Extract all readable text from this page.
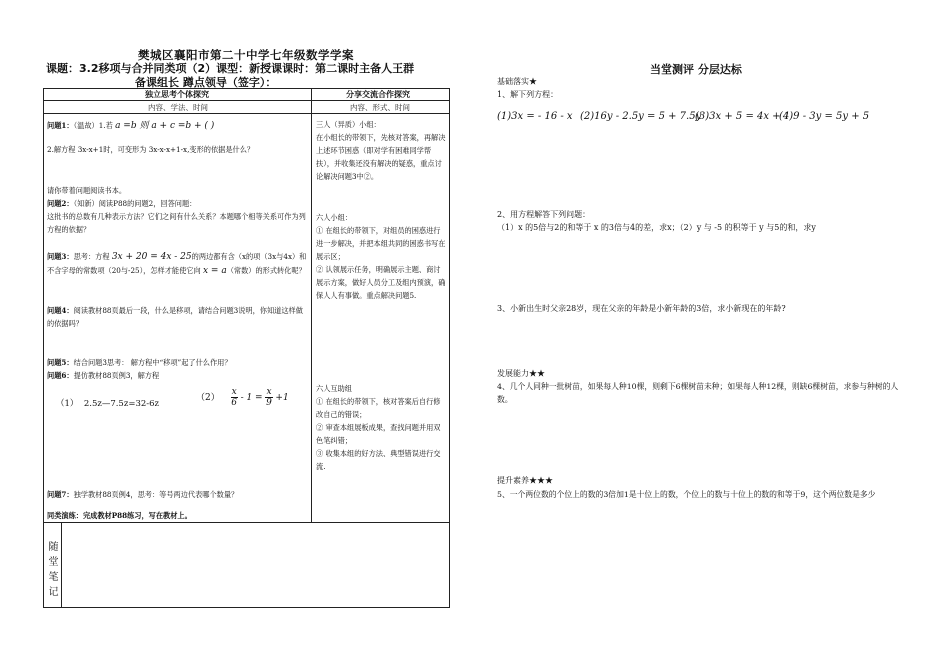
樊城区襄阳市第二十中学七年级数学学案
课题：3.2移项与合并同类项（2）课型：新授课课时：第二课时主备人王群
备课组长 蹲点领导（签字）：
独立思考个体探究
内容、学法、时间
分享交流合作探究
内容、形式、时间
问题1：（温故）1.若 a =b 则 a + c =b + ( )
2.解方程 3x-x+1时，可变形为 3x-x-x+1-x,变形的依据是什么？
请你带着问题阅读书本。
问题2：（知新）阅读P88的问题2，回答问题：
这批书的总数有几种表示方法？它们之间有什么关系？本题哪个相等关系可作为列方程的依据？
问题3：思考：方程 3x + 20 = 4x - 25的两边都有含（x的项（3x与4x）和不含字母的常数项（20与-25），怎样才能使它向 x = a（常数）的形式转化呢？
问题4：阅读教材88页最后一段，什么是移项，请结合问题3说明，你知道这样做的依据吗？
问题5：结合问题3思考： 解方程中“移项”起了什么作用？
问题6：提仿教材88页例3，解方程
（1） 2.5z—7.5z=32-6z
$(2) \frac{x}{6} - 1 = \frac{x}{9} +1$
问题7：独学教材88页例4，思考：等号两边代表哪个数量？
同类演练：完成教材P88练习，写在教材上。
随堂笔记
三人（异质）小组：
在小组长的带领下，先核对答案，再解决上述环节困惑（即对学有困难同学帮扶），并收集还没有解决的疑惑，重点讨论解决问题3中②。
六人小组：
① 在组长的带领下，对组员的困惑进行进一步解决，并把本组共同的困惑书写在展示区；
② 认领展示任务，明确展示主题、商讨展示方案，做好人员分工及组内预演，确保人人有事做。重点解决问题5.
六人互助组
① 在组长的带领下，核对答案后自行修改自己的错误；
② 审查本组展板成果，查找问题并用双色笔纠错；
③ 收集本组的好方法、典型错误进行交流.
当堂测评 分层达标
基础落实★
1、解下列方程：
(1)3x = - 16 - x (2)16y - 2.5y = 5 + 7.5y
(3)3x + 5 = 4x + 1
(4)9 - 3y = 5y + 5
2、用方程解答下列问题：
（1）x 的5倍与2的和等于 x 的3倍与4的差，求x；（2）y 与 -5 的积等于 y 与5的和，求y
3、小新出生时父亲28岁，现在父亲的年龄是小新年龄的3倍，求小新现在的年龄?
发展能力★★
4、几个人同种一批树苗，如果每人种10棵，则剩下6棵树苗未种；如果每人种12棵，则缺6棵树苗，求参与种树的人数。
提升素养★★★
5、一个两位数的个位上的数的3倍加1是十位上的数，个位上的数与十位上的数的和等于9，这个两位数是多少
